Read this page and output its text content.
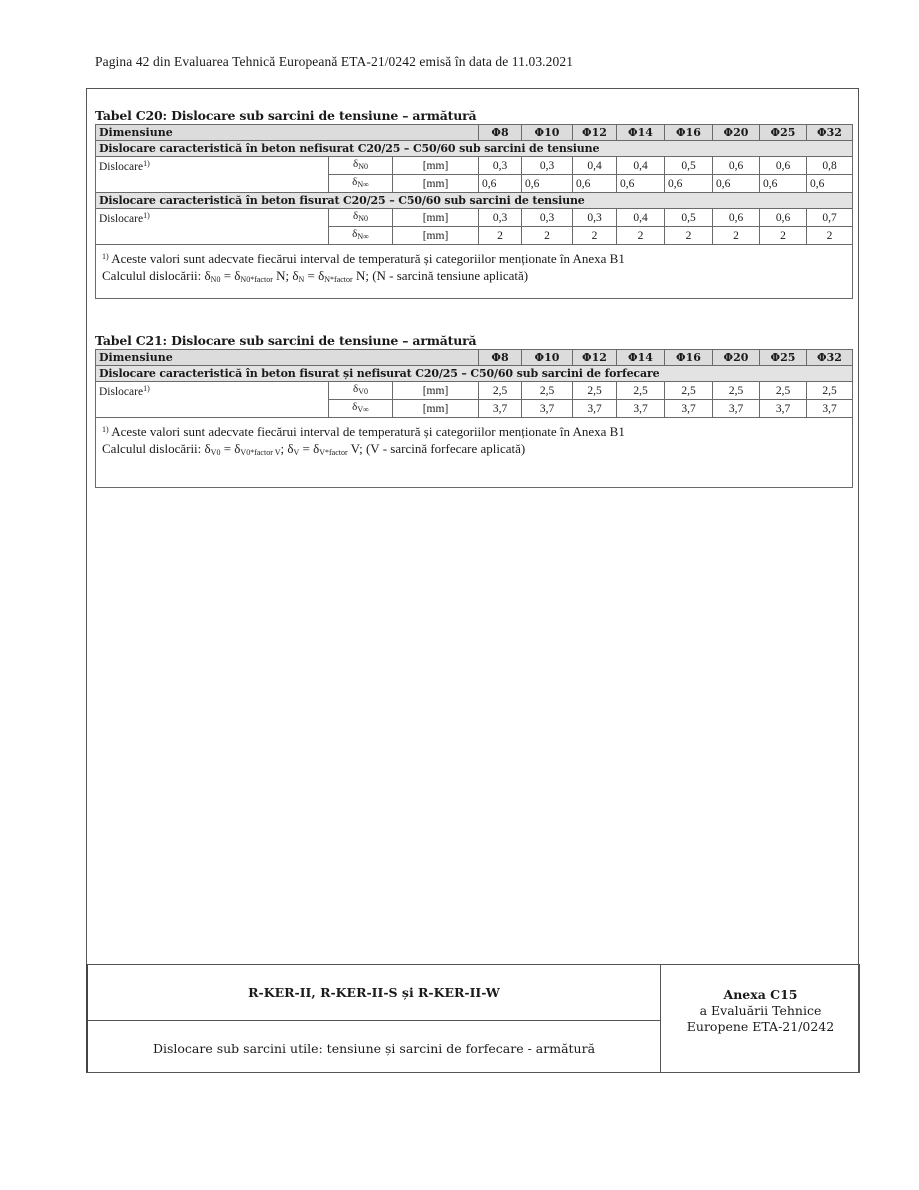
Pagina 42 din Evaluarea Tehnică Europeană ETA-21/0242 emisă în data de 11.03.2021
Tabel C20: Dislocare sub sarcini de tensiune – armătură
Dimensiune			Φ8	Φ10	Φ12	Φ14	Φ16	Φ20	Φ25	Φ32
Dislocare caracteristică în beton nefisurat C20/25 – C50/60 sub sarcini de tensiune										
Dislocare$^{1)}$	$\delta_{N0}$	[mm]	0,3	0,3	0,4	0,4	0,5	0,6	0,6	0,8
	$\delta_{N\infty}$	[mm]	0,6	0,6	0,6	0,6	0,6	0,6	0,6	0,6
Dislocare caracteristică în beton fisurat C20/25 – C50/60 sub sarcini de tensiune										
Dislocare$^{1)}$	$\delta_{N0}$	[mm]	0,3	0,3	0,3	0,4	0,5	0,6	0,6	0,7
	$\delta_{N\infty}$	[mm]	2	2	2	2	2	2	2	2

$^{1)}$ Aceste valori sunt adecvate fiecărui interval de temperatură și categoriilor menționate în Anexa B1
Calculul dislocării: $\delta_{N0} = \delta_{N0*factor}$ N; $\delta_N = \delta_{N*factor}$ N; (N - sarcină tensiune aplicată)										
Tabel C21: Dislocare sub sarcini de tensiune – armătură
Dimensiune			Φ8	Φ10	Φ12	Φ14	Φ16	Φ20	Φ25	Φ32
Dislocare caracteristică în beton fisurat și nefisurat C20/25 – C50/60 sub sarcini de forfecare										
Dislocare$^{1)}$	$\delta_{V0}$	[mm]	2,5	2,5	2,5	2,5	2,5	2,5	2,5	2,5
	$\delta_{V\infty}$	[mm]	3,7	3,7	3,7	3,7	3,7	3,7	3,7	3,7

$^{1)}$ Aceste valori sunt adecvate fiecărui interval de temperatură și categoriilor menționate în Anexa B1
Calculul dislocării: $\delta_{V0} = \delta_{V0*factor V}$; $\delta_V = \delta_{V*factor}$ V; (V - sarcină forfecare aplicată)										
R-KER-II, R-KER-II-S și R-KER-II-W
Dislocare sub sarcini utile: tensiune și sarcini de forfecare - armătură
Anexa C15
a Evaluării Tehnice
Europene ETA-21/0242
